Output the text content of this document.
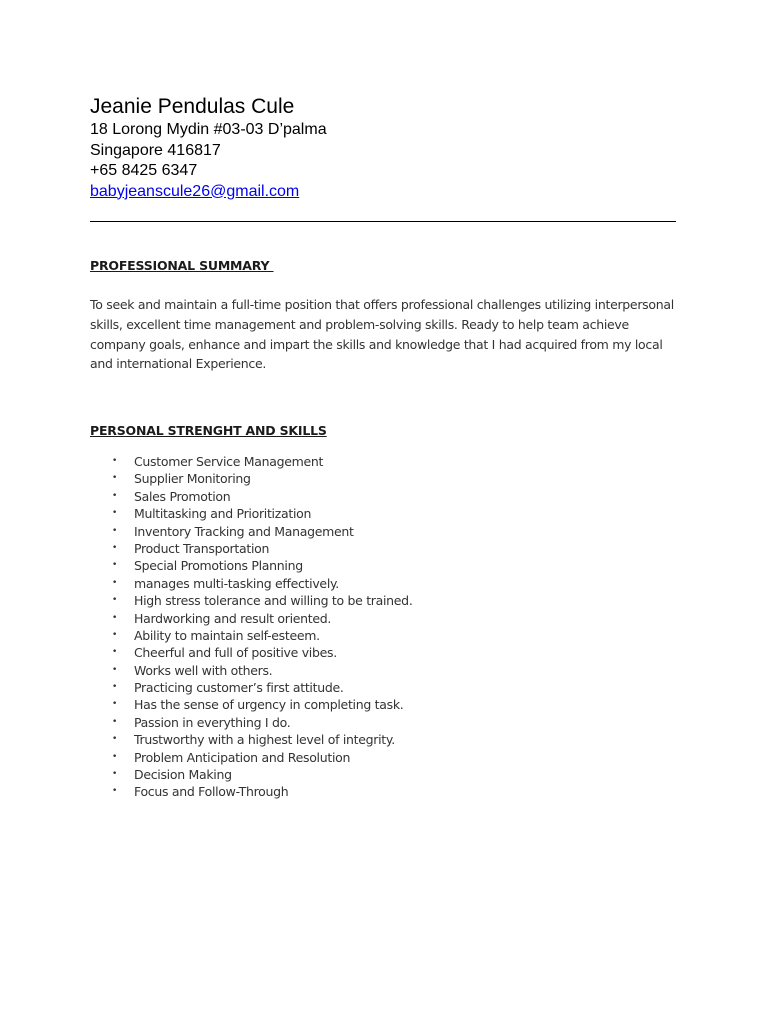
Jeanie Pendulas Cule

18 Lorong Mydin #03-03 D’palma

Singapore 416817

+65 8425 6347

babyjeanscule26@gmail.com
PROFESSIONAL SUMMARY

To seek and maintain a full-time position that offers professional challenges utilizing interpersonal skills, excellent time management and problem-solving skills. Ready to help team achieve company goals, enhance and impart the skills and knowledge that I had acquired from my local and international Experience.

PERSONAL STRENGHT AND SKILLS
•	Customer Service Management
•	Supplier Monitoring
•	Sales Promotion
•	Multitasking and Prioritization
•	Inventory Tracking and Management
•	Product Transportation
•	Special Promotions Planning
•	manages multi-tasking effectively.
•	High stress tolerance and willing to be trained.
•	Hardworking and result oriented.
•	Ability to maintain self-esteem.
•	Cheerful and full of positive vibes.
•	Works well with others.
•	Practicing customer’s first attitude.
•	Has the sense of urgency in completing task.
•	Passion in everything I do.
•	Trustworthy with a highest level of integrity.
•	Problem Anticipation and Resolution
•	Decision Making
•	Focus and Follow-Through
